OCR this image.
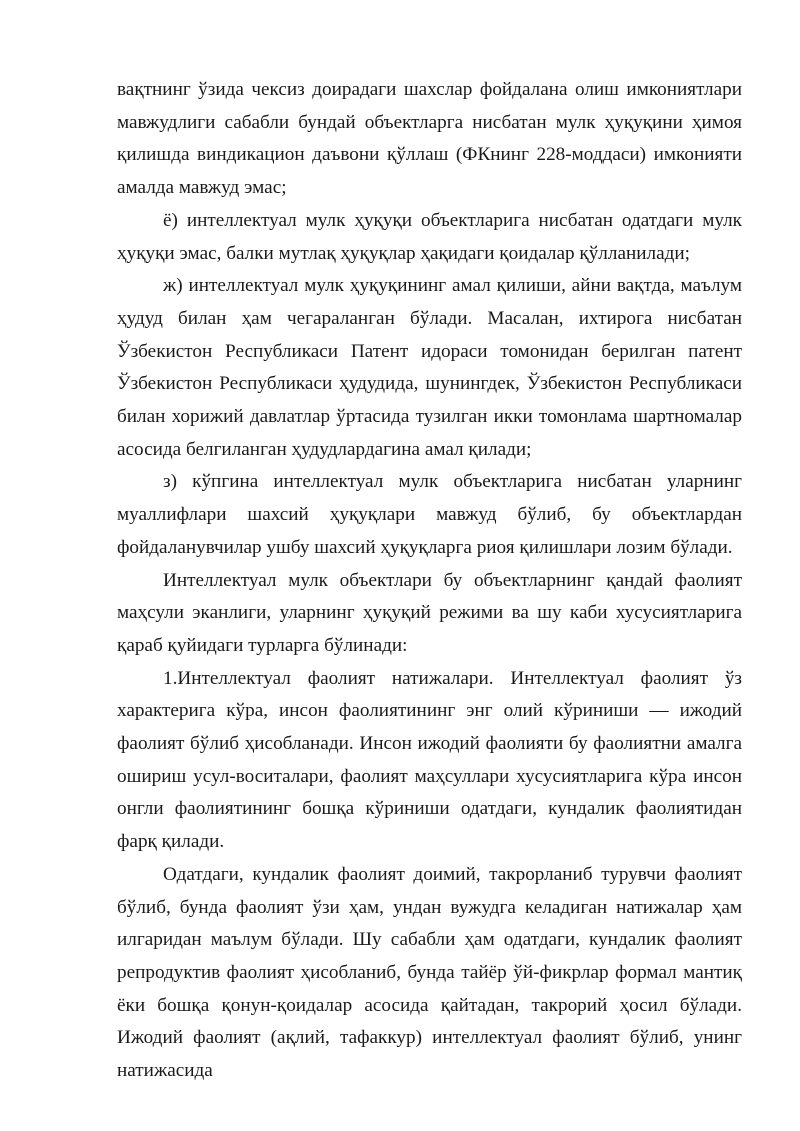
вақтнинг ўзида чексиз доирадаги шахслар фойдалана олиш имкониятлари мавжудлиги сабабли бундай объектларга нисбатан мулк ҳуқуқини ҳимоя қилишда виндикацион даъвони қўллаш (ФКнинг 228-моддаси) имконияти амалда мавжуд эмас;

ё) интеллектуал мулк ҳуқуқи объектларига нисбатан одатдаги мулк ҳуқуқи эмас, балки мутлақ ҳуқуқлар ҳақидаги қоидалар қўлланилади;

ж) интеллектуал мулк ҳуқуқининг амал қилиши, айни вақтда, маълум ҳудуд билан ҳам чегараланган бўлади. Масалан, ихтирога нисбатан Ўзбекистон Республикаси Патент идораси томонидан берилган патент Ўзбекистон Республикаси ҳудудида, шунингдек, Ўзбекистон Республикаси билан хорижий давлатлар ўртасида тузилган икки томонлама шартномалар асосида белгиланган ҳудудлардагина амал қилади;

з) кўпгина интеллектуал мулк объектларига нисбатан уларнинг муаллифлари шахсий ҳуқуқлари мавжуд бўлиб, бу объектлардан фойдаланувчилар ушбу шахсий ҳуқуқларга риоя қилишлари лозим бўлади.

Интеллектуал мулк объектлари бу объектларнинг қандай фаолият маҳсули эканлиги, уларнинг ҳуқуқий режими ва шу каби хусусиятларига қараб қуйидаги турларга бўлинади:

1.Интеллектуал фаолият натижалари. Интеллектуал фаолият ўз характерига кўра, инсон фаолиятининг энг олий кўриниши — ижодий фаолият бўлиб ҳисобланади. Инсон ижодий фаолияти бу фаолиятни амалга ошириш усул-воситалари, фаолият маҳсуллари хусусиятларига кўра инсон онгли фаолиятининг бошқа кўриниши одатдаги, кундалик фаолиятидан фарқ қилади.

Одатдаги, кундалик фаолият доимий, такрорланиб турувчи фаолият бўлиб, бунда фаолият ўзи ҳам, ундан вужудга келадиган натижалар ҳам илгаридан маълум бўлади. Шу сабабли ҳам одатдаги, кундалик фаолият репродуктив фаолият ҳисобланиб, бунда тайёр ўй-фикрлар формал мантиқ ёки бошқа қонун-қоидалар асосида қайтадан, такрорий ҳосил бўлади. Ижодий фаолият (ақлий, тафаккур) интеллектуал фаолият бўлиб, унинг натижасида
